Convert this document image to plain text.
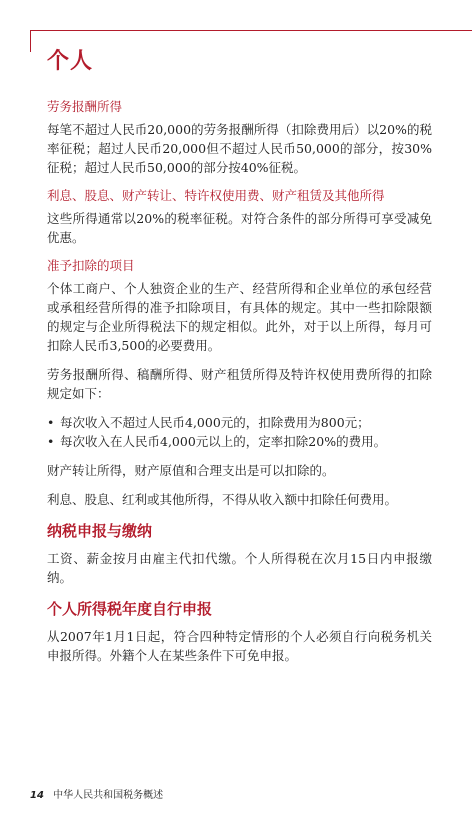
个人

劳务报酬所得

每笔不超过人民币20,000的劳务报酬所得（扣除费用后）以20%的税率征税；超过人民币20,000但不超过人民币50,000的部分，按30%征税；超过人民币50,000的部分按40%征税。

利息、股息、财产转让、特许权使用费、财产租赁及其他所得

这些所得通常以20%的税率征税。对符合条件的部分所得可享受减免优惠。

准予扣除的项目

个体工商户、个人独资企业的生产、经营所得和企业单位的承包经营或承租经营所得的准予扣除项目，有具体的规定。其中一些扣除限额的规定与企业所得税法下的规定相似。此外，对于以上所得，每月可扣除人民币3,500的必要费用。

劳务报酬所得、稿酬所得、财产租赁所得及特许权使用费所得的扣除规定如下：

• 每次收入不超过人民币4,000元的，扣除费用为800元；
• 每次收入在人民币4,000元以上的，定率扣除20%的费用。

财产转让所得，财产原值和合理支出是可以扣除的。

利息、股息、红利或其他所得，不得从收入额中扣除任何费用。

纳税申报与缴纳

工资、薪金按月由雇主代扣代缴。个人所得税在次月15日内申报缴纳。

个人所得税年度自行申报

从2007年1月1日起，符合四种特定情形的个人必须自行向税务机关申报所得。外籍个人在某些条件下可免申报。

14 中华人民共和国税务概述
